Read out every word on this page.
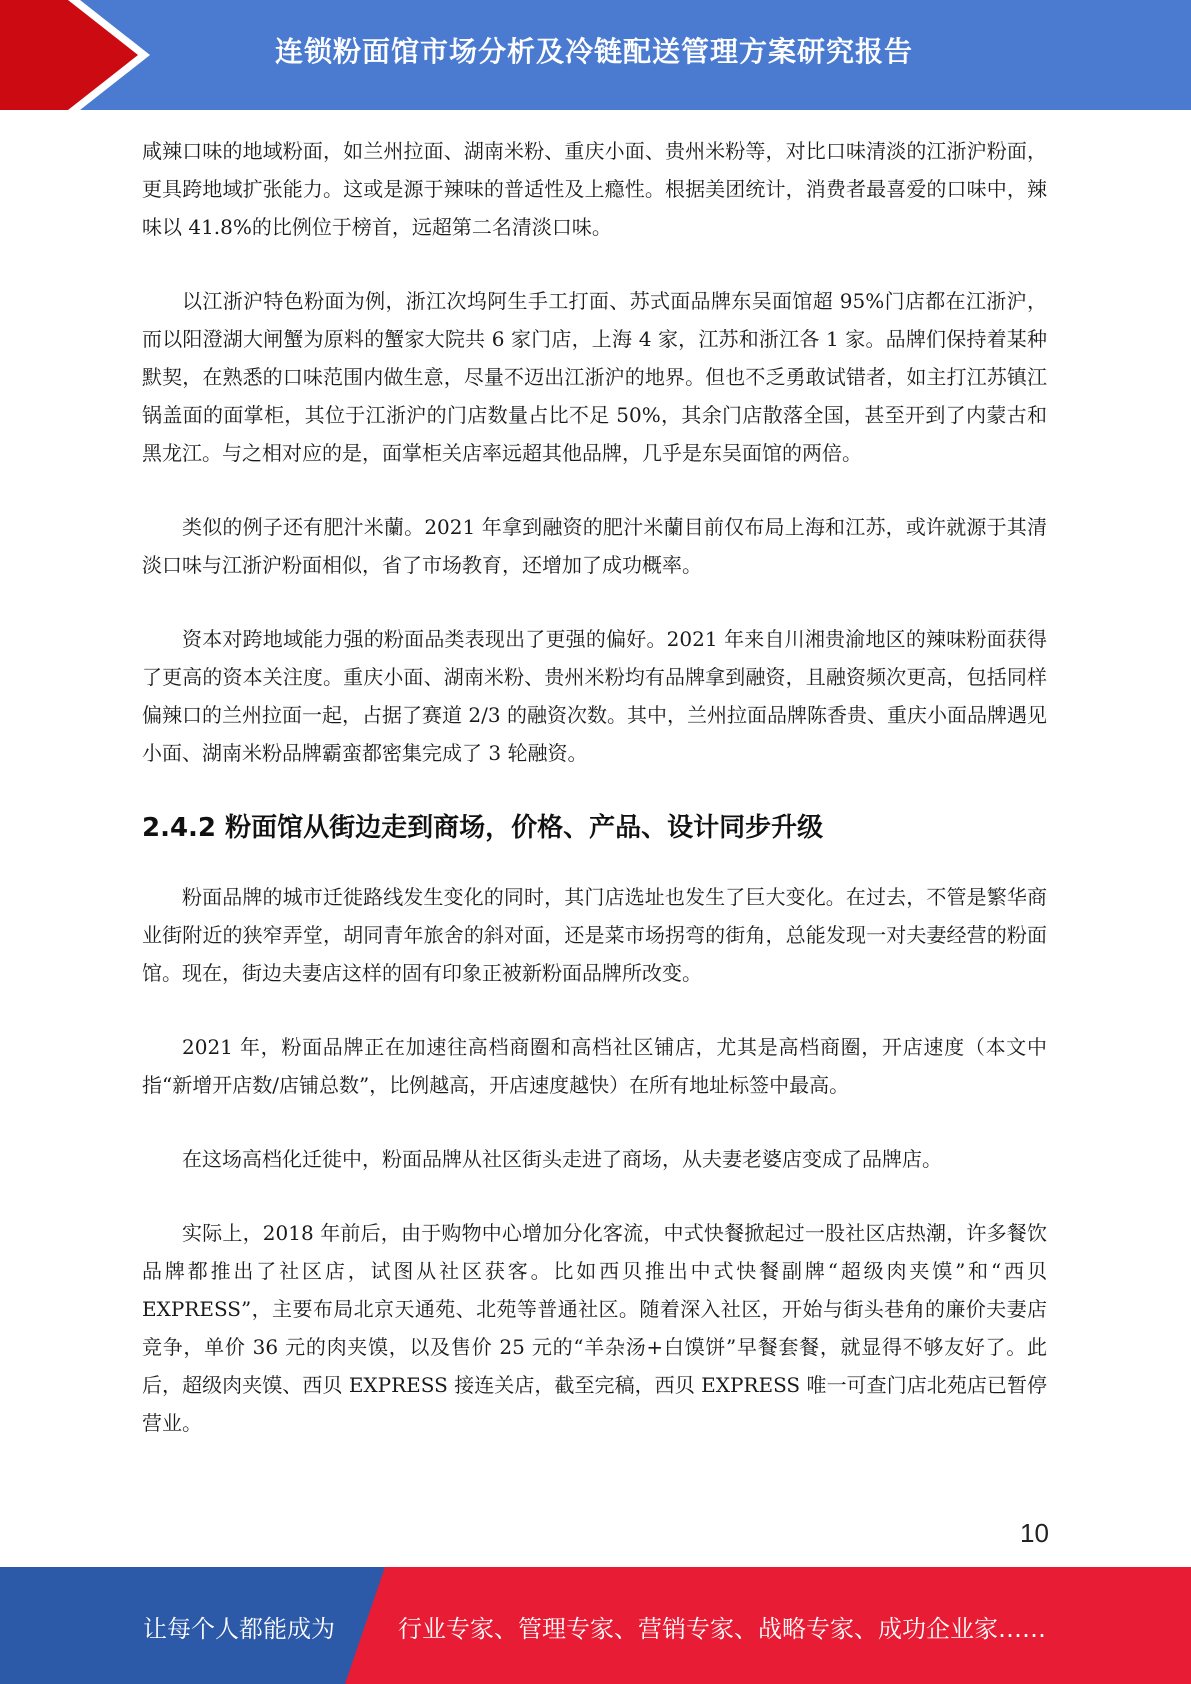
连锁粉面馆市场分析及冷链配送管理方案研究报告

咸辣口味的地域粉面，如兰州拉面、湖南米粉、重庆小面、贵州米粉等，对比口味清淡的江浙沪粉面，更具跨地域扩张能力。这或是源于辣味的普适性及上瘾性。根据美团统计，消费者最喜爱的口味中，辣味以 41.8%的比例位于榜首，远超第二名清淡口味。

以江浙沪特色粉面为例，浙江次坞阿生手工打面、苏式面品牌东吴面馆超 95%门店都在江浙沪，而以阳澄湖大闸蟹为原料的蟹家大院共 6 家门店，上海 4 家，江苏和浙江各 1 家。品牌们保持着某种默契，在熟悉的口味范围内做生意，尽量不迈出江浙沪的地界。但也不乏勇敢试错者，如主打江苏镇江锅盖面的面掌柜，其位于江浙沪的门店数量占比不足 50%，其余门店散落全国，甚至开到了内蒙古和黑龙江。与之相对应的是，面掌柜关店率远超其他品牌，几乎是东吴面馆的两倍。

类似的例子还有肥汁米蘭。2021 年拿到融资的肥汁米蘭目前仅布局上海和江苏，或许就源于其清淡口味与江浙沪粉面相似，省了市场教育，还增加了成功概率。

资本对跨地域能力强的粉面品类表现出了更强的偏好。2021 年来自川湘贵渝地区的辣味粉面获得了更高的资本关注度。重庆小面、湖南米粉、贵州米粉均有品牌拿到融资，且融资频次更高，包括同样偏辣口的兰州拉面一起，占据了赛道 2/3 的融资次数。其中，兰州拉面品牌陈香贵、重庆小面品牌遇见小面、湖南米粉品牌霸蛮都密集完成了 3 轮融资。

2.4.2 粉面馆从街边走到商场，价格、产品、设计同步升级

粉面品牌的城市迁徙路线发生变化的同时，其门店选址也发生了巨大变化。在过去，不管是繁华商业街附近的狭窄弄堂，胡同青年旅舍的斜对面，还是菜市场拐弯的街角，总能发现一对夫妻经营的粉面馆。现在，街边夫妻店这样的固有印象正被新粉面品牌所改变。

2021 年，粉面品牌正在加速往高档商圈和高档社区铺店，尤其是高档商圈，开店速度（本文中指“新增开店数/店铺总数”，比例越高，开店速度越快）在所有地址标签中最高。

在这场高档化迁徙中，粉面品牌从社区街头走进了商场，从夫妻老婆店变成了品牌店。

实际上，2018 年前后，由于购物中心增加分化客流，中式快餐掀起过一股社区店热潮，许多餐饮品牌都推出了社区店，试图从社区获客。比如西贝推出中式快餐副牌“超级肉夹馍”和“西贝EXPRESS”，主要布局北京天通苑、北苑等普通社区。随着深入社区，开始与街头巷角的廉价夫妻店竞争，单价 36 元的肉夹馍，以及售价 25 元的“羊杂汤+白馍饼”早餐套餐，就显得不够友好了。此后，超级肉夹馍、西贝 EXPRESS 接连关店，截至完稿，西贝 EXPRESS 唯一可查门店北苑店已暂停营业。

10
让每个人都能成为	行业专家、管理专家、营销专家、战略专家、成功企业家……
